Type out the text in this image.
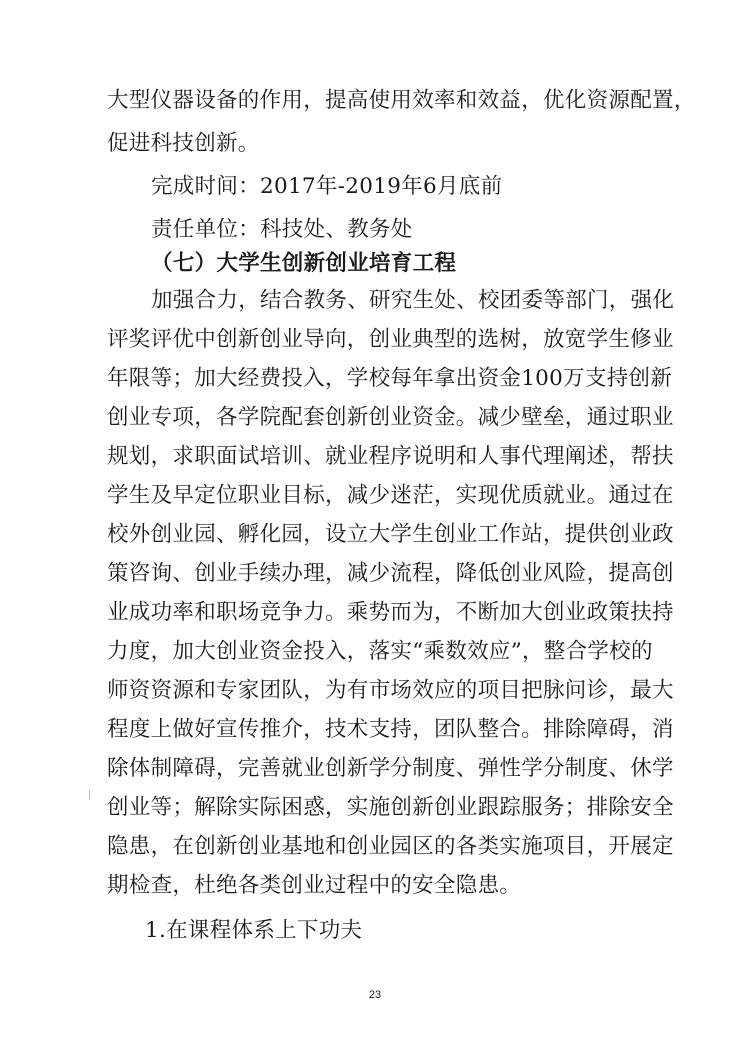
大型仪器设备的作用，提高使用效率和效益，优化资源配置，
促进科技创新。
完成时间：2017年-2019年6月底前
责任单位：科技处、教务处
（七）大学生创新创业培育工程
加强合力，结合教务、研究生处、校团委等部门，强化
评奖评优中创新创业导向，创业典型的选树，放宽学生修业
年限等；加大经费投入，学校每年拿出资金100万支持创新
创业专项，各学院配套创新创业资金。减少壁垒，通过职业
规划，求职面试培训、就业程序说明和人事代理阐述，帮扶
学生及早定位职业目标，减少迷茫，实现优质就业。通过在
校外创业园、孵化园，设立大学生创业工作站，提供创业政
策咨询、创业手续办理，减少流程，降低创业风险，提高创
业成功率和职场竞争力。乘势而为，不断加大创业政策扶持
力度，加大创业资金投入，落实“乘数效应”，整合学校的
师资资源和专家团队，为有市场效应的项目把脉问诊，最大
程度上做好宣传推介，技术支持，团队整合。排除障碍，消
除体制障碍，完善就业创新学分制度、弹性学分制度、休学
创业等；解除实际困惑，实施创新创业跟踪服务；排除安全
隐患，在创新创业基地和创业园区的各类实施项目，开展定
期检查，杜绝各类创业过程中的安全隐患。
1.在课程体系上下功夫
23
